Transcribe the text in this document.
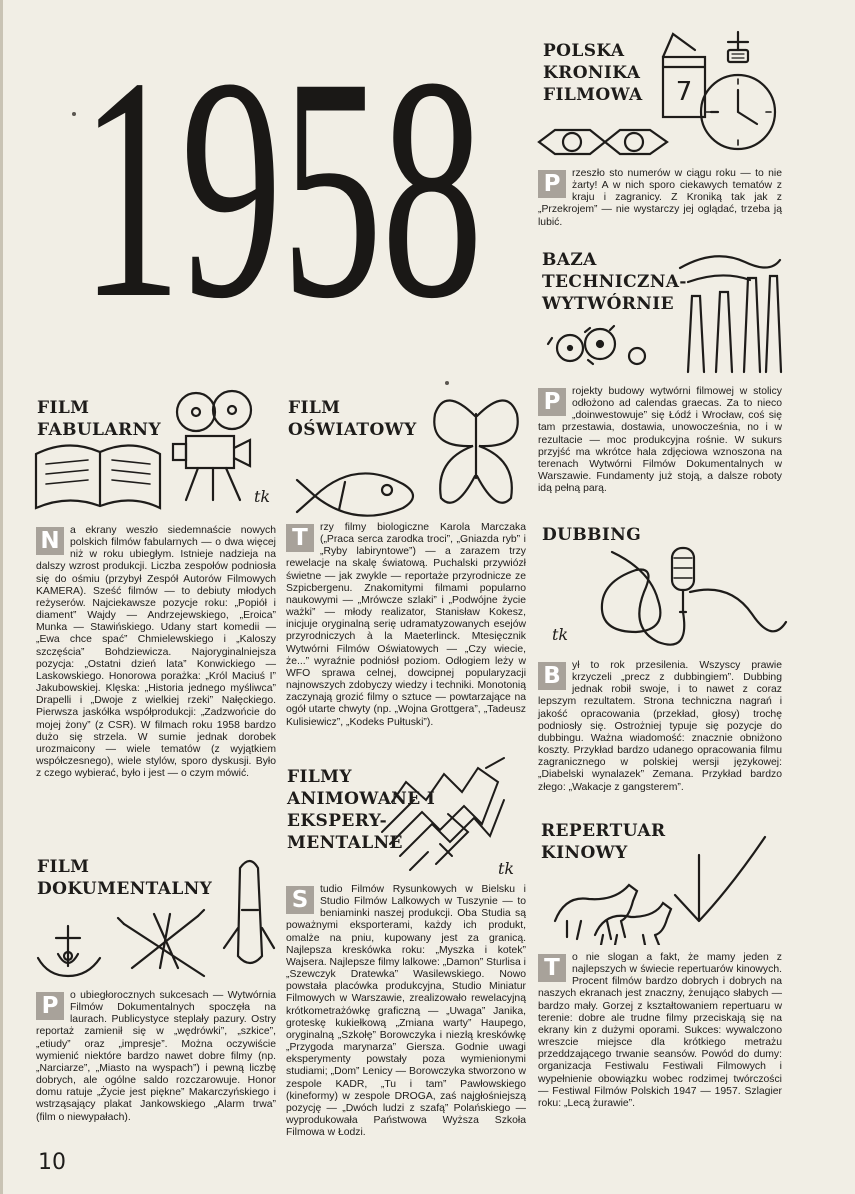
1958	POLSKA
KRONIKA
FILMOWA 7

P	rzeszło sto numerów w ciągu roku — to nie żarty! A w nich sporo ciekawych tematów z kraju i zagranicy. Z Kroniką tak jak z „Przekrojem” — nie wystarczy jej oglądać, trzeba ją lubić.

BAZA
TECHNICZNA-
WYTWÓRNIE

P	rojekty budowy wytwórni filmowej w stolicy odłożono ad calendas graecas. Za to nieco „doinwestowuje” się Łódź i Wrocław, coś się tam przestawia, dostawia, unowocześnia, no i w rezultacie — moc produkcyjna rośnie. W sukurs przyjść ma wkrótce hala zdjęciowa wznoszona na terenach Wytwórni Filmów Dokumentalnych w Warszawie. Fundamenty już stoją, a dalsze roboty idą pełną parą.

FILM
FABULARNY
tk

N a ekrany weszło siedemnaście nowych polskich filmów fabularnych — o dwa więcej niż w roku ubiegłym. Istnieje nadzieja na dalszy wzrost produkcji. Liczba zespołów podniosła się do ośmiu (przybył Zespół Autorów Filmowych KAMERA). Sześć filmów — to debiuty młodych reżyserów. Najciekawsze pozycje roku: „Popiół i diament” Wajdy — Andrzejewskiego, „Eroica” Munka — Stawińskiego. Udany start komedii — „Ewa chce spać” Chmielewskiego i „Kaloszy szczęścia” Bohdziewicza. Najoryginalniejsza pozycja: „Ostatni dzień lata” Konwickiego — Laskowskiego. Honorowa porażka: „Król Maciuś I” Jakubowskiej. Klęska: „Historia jednego myśliwca” Drapelli i „Dwoje z wielkiej rzeki” Nałęckiego. Pierwsza jaskółka współprodukcji: „Zadzwońcie do mojej żony” (z CSR). W filmach roku 1958 bardzo dużo się strzela. W sumie jednak dorobek urozmaicony — wiele tematów (z wyjątkiem współczesnego), wiele stylów, sporo dyskusji. Było z czego wybierać, było i jest — o czym mówić.

FILM
OŚWIATOWY

T	rzy filmy biologiczne Karola Marczaka („Praca serca zarodka troci”, „Gniazda ryb” i „Ryby labiryntowe”) — a zarazem trzy rewelacje na skalę światową. Puchalski przywiózł świetne — jak zwykle — reportaże przyrodnicze ze Szpicbergenu. Znakomitymi filmami popularno naukowymi — „Mrówcze szlaki” i „Podwójne życie ważki” — młody realizator, Stanisław Kokesz, inicjuje oryginalną serię udramatyzowanych esejów przyrodniczych à la Maeterlinck. Mtesięcznik Wytwórni Filmów Oświatowych — „Czy wiecie, że...” wyraźnie podniósł poziom. Odłogiem leży w WFO sprawa celnej, dowcipnej popularyzacji najnowszych zdobyczy wiedzy i techniki. Monotonią zaczynają grozić filmy o sztuce — powtarzające na ogół utarte chwyty (np. „Wojna Grottgera”, „Tadeusz Kulisiewicz”, „Kodeks Pułtuski”).

DUBBING
tk

B	ył to rok przesilenia. Wszyscy prawie krzyczeli „precz z dubbingiem”. Dubbing jednak robił swoje, i to nawet z coraz lepszym rezultatem. Strona techniczna nagrań i jakość opracowania (przekład, głosy) trochę podniosły się. Ostrożniej typuje się pozycje do dubbingu. Ważna wiadomość: znacznie obniżono koszty. Przykład bardzo udanego opracowania filmu zagranicznego w polskiej wersji językowej: „Diabelski wynalazek” Zemana. Przykład bardzo złego: „Wakacje z gangsterem”.

FILMY
ANIMOWANE I
EKSPERY-
MENTALNE
tk

S	tudio Filmów Rysunkowych w Bielsku i Studio Filmów Lalkowych w Tuszynie — to beniaminki naszej produkcji. Oba Studia są poważnymi eksporterami, każdy ich produkt, omalże na pniu, kupowany jest za granicą. Najlepsza kreskówka roku: „Myszka i kotek” Wajsera. Najlepsze filmy lalkowe: „Damon” Sturlisa i „Szewczyk Dratewka” Wasilewskiego. Nowo powstała placówka produkcyjna, Studio Miniatur Filmowych w Warszawie, zrealizowało rewelacyjną krótkometrażówkę graficzną — „Uwaga” Janika, groteskę kukiełkową „Zmiana warty” Haupego, oryginalną „Szkołę” Borowczyka i niezłą kreskówkę „Przygoda marynarza” Giersza. Godnie uwagi eksperymenty powstały poza wymienionymi studiami; „Dom” Lenicy — Borowczyka stworzono w zespole KADR, „Tu i tam” Pawłowskiego (kineformy) w zespole DROGA, zaś najgłośniejszą pozycję — „Dwóch ludzi z szafą” Polańskiego — wyprodukowała Państwowa Wyższa Szkoła Filmowa w Łodzi.

REPERTUAR
KINOWY

T	o nie slogan a fakt, że mamy jeden z najlepszych w świecie repertuarów kinowych. Procent filmów bardzo dobrych i dobrych na naszych ekranach jest znaczny, żenująco słabych — bardzo mały. Gorzej z kształtowaniem repertuaru w terenie: dobre ale trudne filmy przeciskają się na ekrany kin z dużymi oporami. Sukces: wywalczono wreszcie miejsce dla krótkiego metrażu przeddzającego trwanie seansów. Powód do dumy: organizacja Festiwalu Festiwali Filmowych i wypełnienie obowiązku wobec rodzimej twórczości — Festiwal Filmów Polskich 1947 — 1957. Szlagier roku: „Lecą żurawie”.

FILM
DOKUMENTALNY

P	o ubiegłorocznych sukcesach — Wytwórnia Filmów Dokumentalnych spoczęła na laurach. Publicystyce steplały pazury. Ostry reportaż zamienił się w „wędrówki”, „szkice”, „etiudy” oraz „impresje”. Można oczywiście wymienić niektóre bardzo nawet dobre filmy (np. „Narciarze”, „Miasto na wyspach”) i pewną liczbę dobrych, ale ogólne saldo rozczarowuje. Honor domu ratuje „Życie jest piękne” Makarczyńskiego i wstrząsający plakat Jankowskiego „Alarm trwa” (film o niewypałach).

10
